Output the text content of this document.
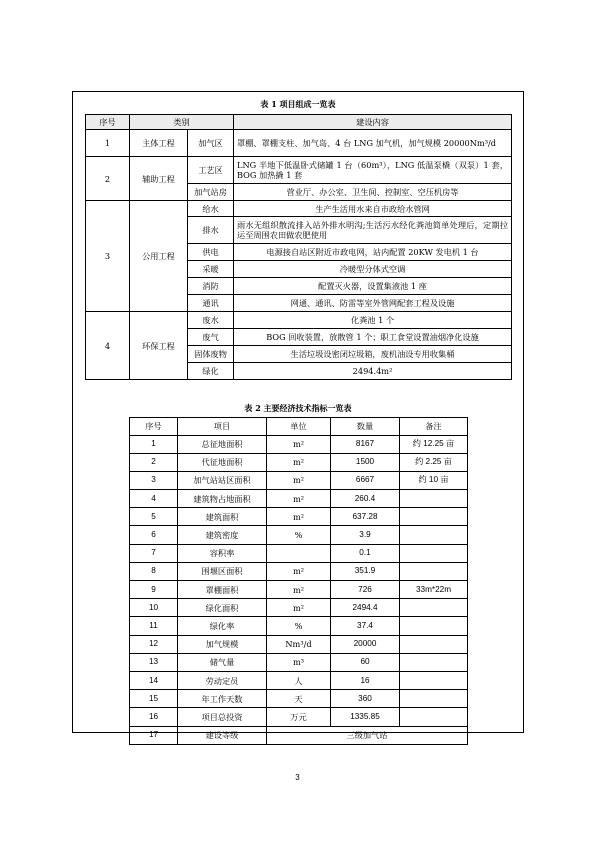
表 1 项目组成一览表
序号	类别		建设内容
1	主体工程	加气区	罩棚、罩棚支柱、加气岛、4 台 LNG 加气机，加气规模 20000Nm³/d
2	辅助工程	工艺区	LNG 半地下低温卧式储罐 1 台（60m³），LNG 低温泵橇（双泵）1 套，BOG 加热撬 1 套
		加气站房	营业厅、办公室、卫生间、控制室、空压机房等
3	公用工程	给水	生产生活用水来自市政给水管网
		排水	雨水无组织散流排入站外排水明沟;生活污水经化粪池简单处理后，定期拉运至周围农田做农肥使用
		供电	电源接自站区附近市政电网，站内配置 20KW 发电机 1 台
		采暖	冷暖型分体式空调
		消防	配置灭火器，设置集液池 1 座
		通讯	网通、通讯、防雷等室外管网配套工程及设施
4	环保工程	废水	化粪池 1 个
		废气	BOG 回收装置，放散管 1 个；职工食堂设置油烟净化设施
		固体废物	生活垃圾设密闭垃圾箱，废机油设专用收集桶
		绿化	2494.4m²
表 2 主要经济技术指标一览表
序号	项目	单位	数量	备注
1	总征地面积	m²	8167	约 12.25 亩
2	代征地面积	m²	1500	约 2.25 亩
3	加气站站区面积	m²	6667	约 10 亩
4	建筑物占地面积	m²	260.4	
5	建筑面积	m²	637.28	
6	建筑密度	%	3.9	
7	容积率		0.1	
8	围堰区面积	m²	351.9	
9	罩棚面积	m²	726	33m*22m
10	绿化面积	m²	2494.4	
11	绿化率	%	37.4	
12	加气规模	Nm³/d	20000	
13	储气量	m³	60	
14	劳动定员	人	16	
15	年工作天数	天	360	
16	项目总投资	万元	1335.85	
17	建设等级	三级加气站		
3
